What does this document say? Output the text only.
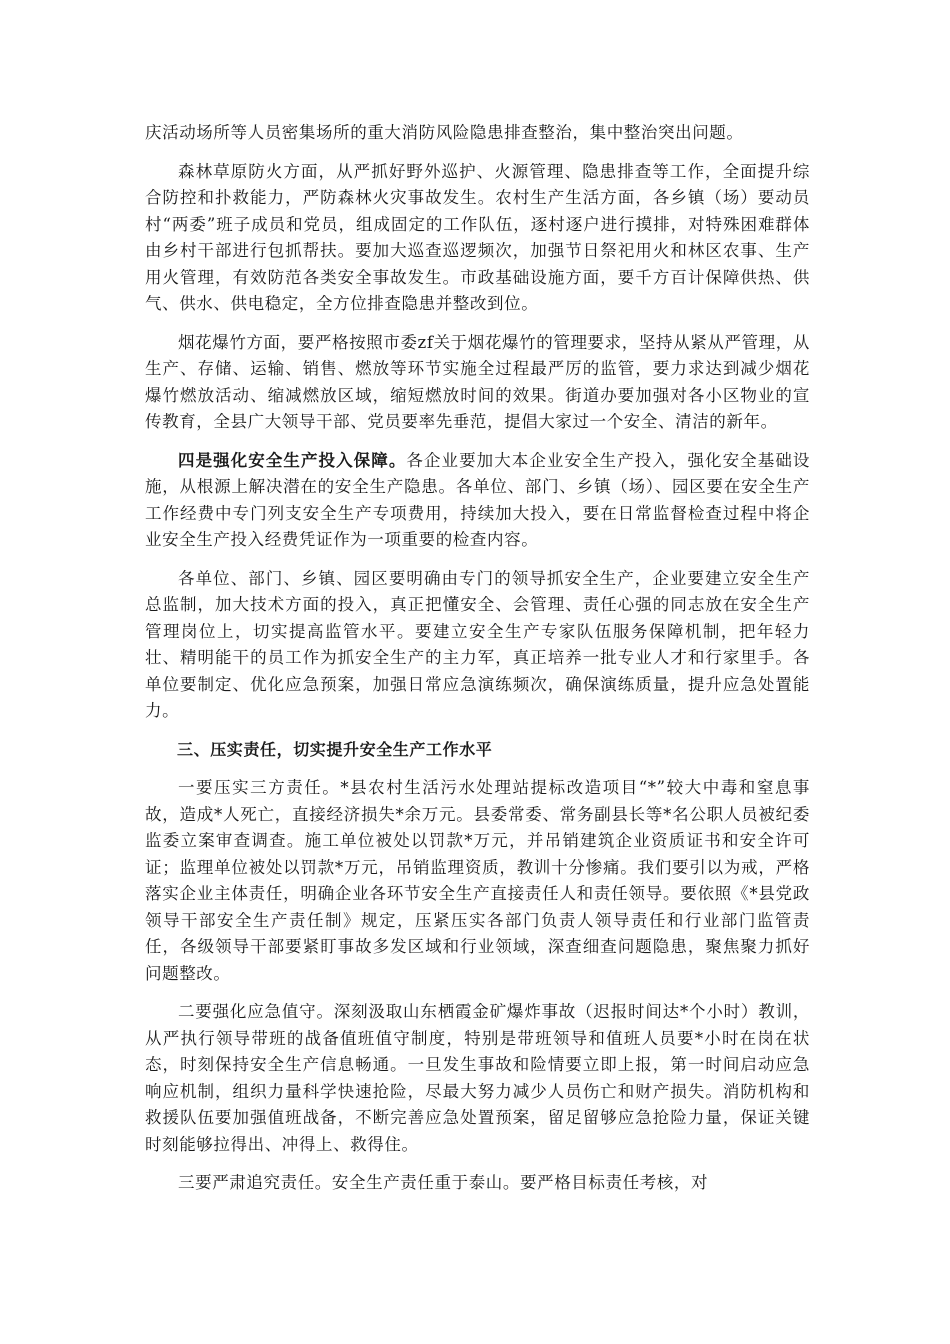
庆活动场所等人员密集场所的重大消防风险隐患排查整治，集中整治突出问题。

森林草原防火方面，从严抓好野外巡护、火源管理、隐患排查等工作，全面提升综合防控和扑救能力，严防森林火灾事故发生。农村生产生活方面，各乡镇（场）要动员村“两委”班子成员和党员，组成固定的工作队伍，逐村逐户进行摸排，对特殊困难群体由乡村干部进行包抓帮扶。要加大巡查巡逻频次，加强节日祭祀用火和林区农事、生产用火管理，有效防范各类安全事故发生。市政基础设施方面，要千方百计保障供热、供气、供水、供电稳定，全方位排查隐患并整改到位。

烟花爆竹方面，要严格按照市委zf关于烟花爆竹的管理要求，坚持从紧从严管理，从生产、存储、运输、销售、燃放等环节实施全过程最严厉的监管，要力求达到减少烟花爆竹燃放活动、缩减燃放区域，缩短燃放时间的效果。街道办要加强对各小区物业的宣传教育，全县广大领导干部、党员要率先垂范，提倡大家过一个安全、清洁的新年。

四是强化安全生产投入保障。各企业要加大本企业安全生产投入，强化安全基础设施，从根源上解决潜在的安全生产隐患。各单位、部门、乡镇（场）、园区要在安全生产工作经费中专门列支安全生产专项费用，持续加大投入，要在日常监督检查过程中将企业安全生产投入经费凭证作为一项重要的检查内容。

各单位、部门、乡镇、园区要明确由专门的领导抓安全生产，企业要建立安全生产总监制，加大技术方面的投入，真正把懂安全、会管理、责任心强的同志放在安全生产管理岗位上，切实提高监管水平。要建立安全生产专家队伍服务保障机制，把年轻力壮、精明能干的员工作为抓安全生产的主力军，真正培养一批专业人才和行家里手。各单位要制定、优化应急预案，加强日常应急演练频次，确保演练质量，提升应急处置能力。

三、压实责任，切实提升安全生产工作水平

一要压实三方责任。*县农村生活污水处理站提标改造项目“*”较大中毒和窒息事故，造成*人死亡，直接经济损失*余万元。县委常委、常务副县长等*名公职人员被纪委监委立案审查调查。施工单位被处以罚款*万元，并吊销建筑企业资质证书和安全许可证；监理单位被处以罚款*万元，吊销监理资质，教训十分惨痛。我们要引以为戒，严格落实企业主体责任，明确企业各环节安全生产直接责任人和责任领导。要依照《*县党政领导干部安全生产责任制》规定，压紧压实各部门负责人领导责任和行业部门监管责任，各级领导干部要紧盯事故多发区域和行业领域，深查细查问题隐患，聚焦聚力抓好问题整改。

二要强化应急值守。深刻汲取山东栖霞金矿爆炸事故（迟报时间达*个小时）教训，从严执行领导带班的战备值班值守制度，特别是带班领导和值班人员要*小时在岗在状态，时刻保持安全生产信息畅通。一旦发生事故和险情要立即上报，第一时间启动应急响应机制，组织力量科学快速抢险，尽最大努力减少人员伤亡和财产损失。消防机构和救援队伍要加强值班战备，不断完善应急处置预案，留足留够应急抢险力量，保证关键时刻能够拉得出、冲得上、救得住。

三要严肃追究责任。安全生产责任重于泰山。要严格目标责任考核，对
